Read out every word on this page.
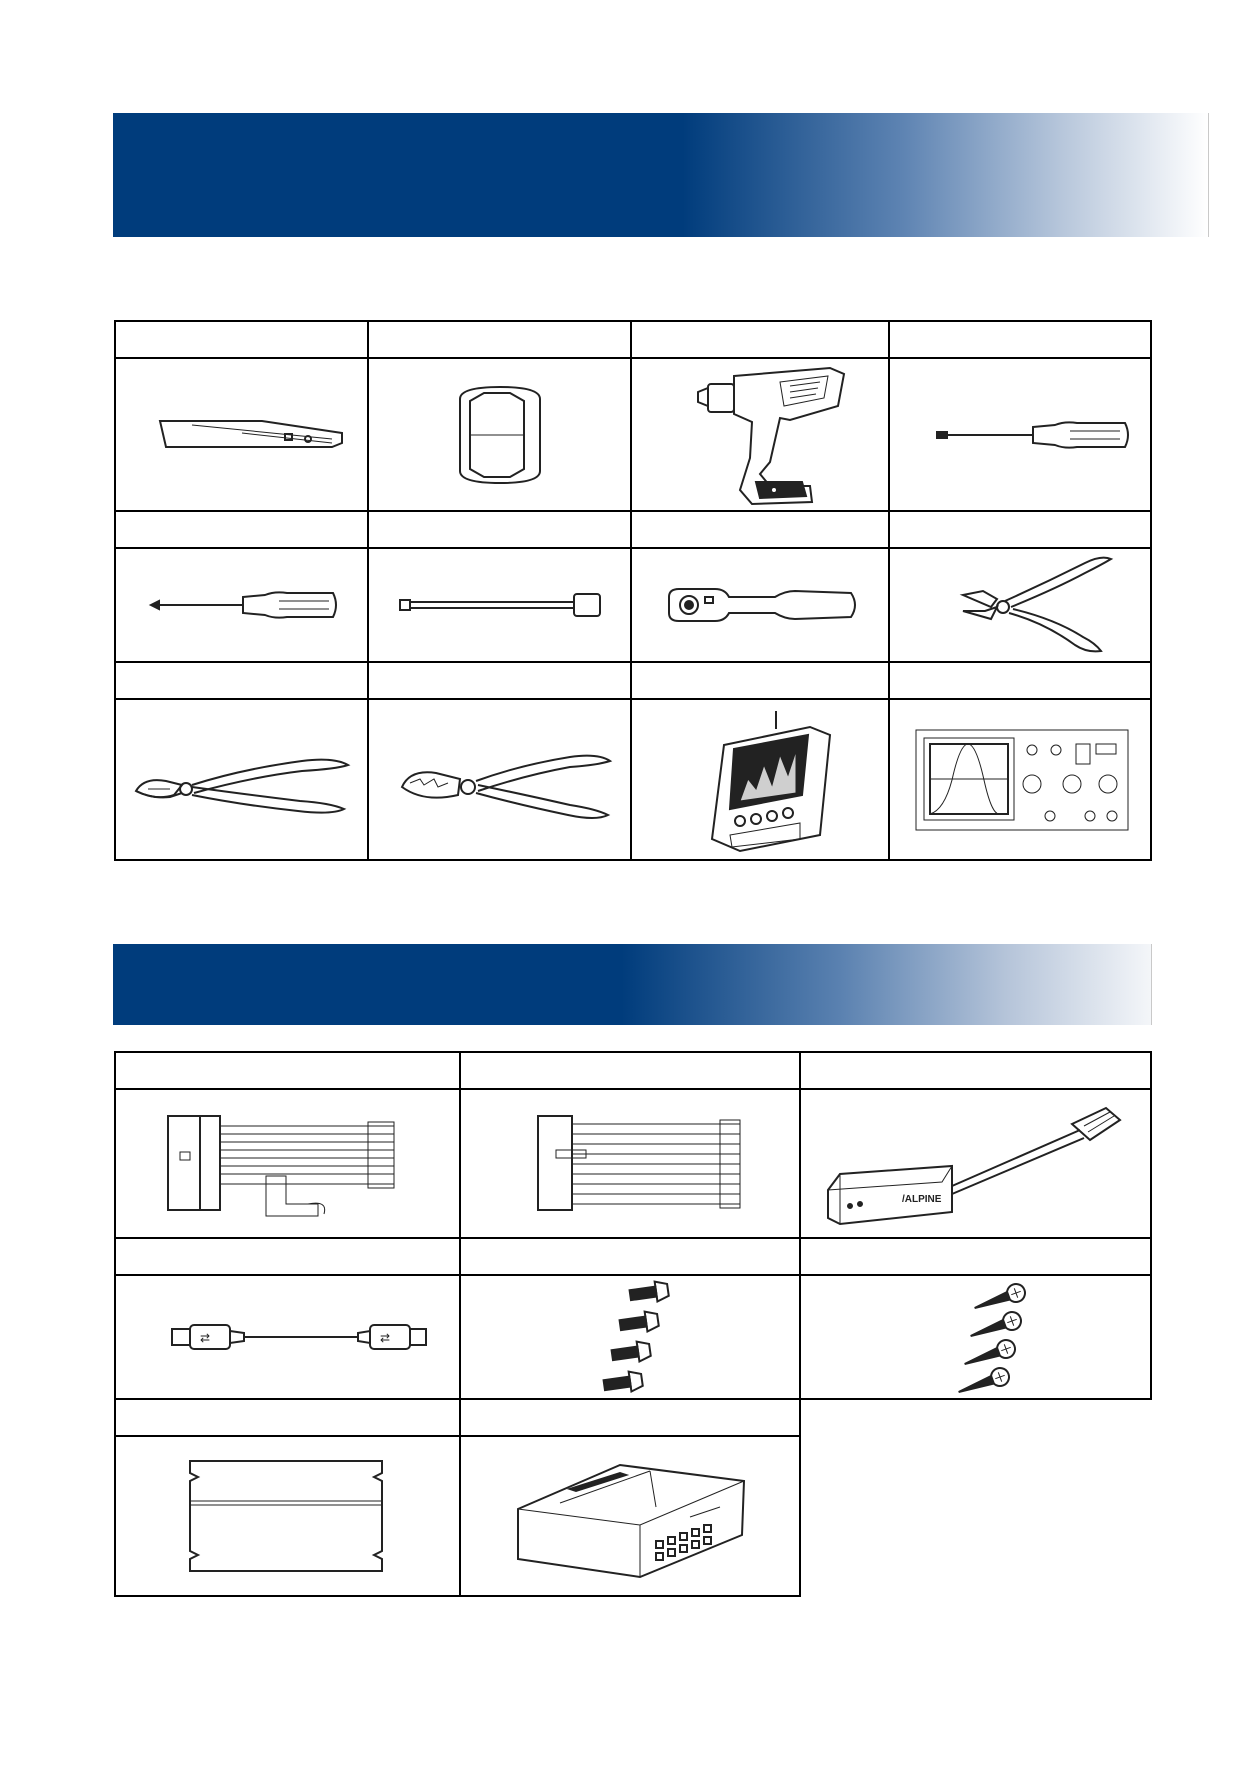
/ALPINE

⇄ ⇄
